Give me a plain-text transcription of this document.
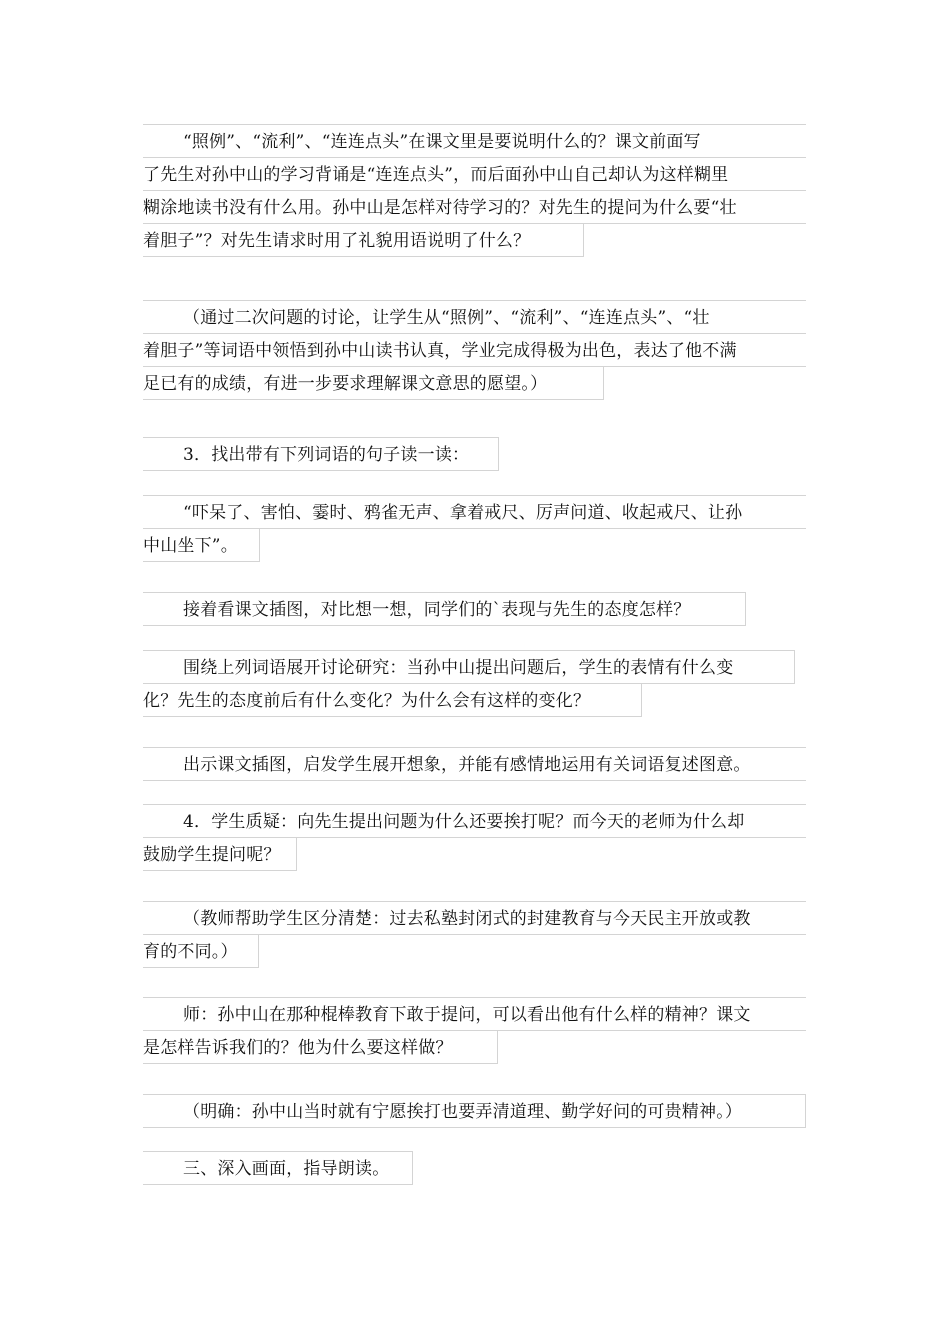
“照例”、“流利”、“连连点头”在课文里是要说明什么的？课文前面写
了先生对孙中山的学习背诵是“连连点头”，而后面孙中山自己却认为这样糊里
糊涂地读书没有什么用。孙中山是怎样对待学习的？对先生的提问为什么要“壮
着胆子”？对先生请求时用了礼貌用语说明了什么？
（通过二次问题的讨论，让学生从“照例”、“流利”、“连连点头”、“壮
着胆子”等词语中领悟到孙中山读书认真，学业完成得极为出色，表达了他不满
足已有的成绩，有进一步要求理解课文意思的愿望。）
3．找出带有下列词语的句子读一读：
“吓呆了、害怕、霎时、鸦雀无声、拿着戒尺、厉声问道、收起戒尺、让孙
中山坐下”。
接着看课文插图，对比想一想，同学们的`表现与先生的态度怎样？
围绕上列词语展开讨论研究：当孙中山提出问题后，学生的表情有什么变
化？先生的态度前后有什么变化？为什么会有这样的变化？
出示课文插图，启发学生展开想象，并能有感情地运用有关词语复述图意。
4．学生质疑：向先生提出问题为什么还要挨打呢？而今天的老师为什么却
鼓励学生提问呢？
（教师帮助学生区分清楚：过去私塾封闭式的封建教育与今天民主开放或教
育的不同。）
师：孙中山在那种棍棒教育下敢于提问，可以看出他有什么样的精神？课文
是怎样告诉我们的？他为什么要这样做？
（明确：孙中山当时就有宁愿挨打也要弄清道理、勤学好问的可贵精神。）
三、深入画面，指导朗读。
